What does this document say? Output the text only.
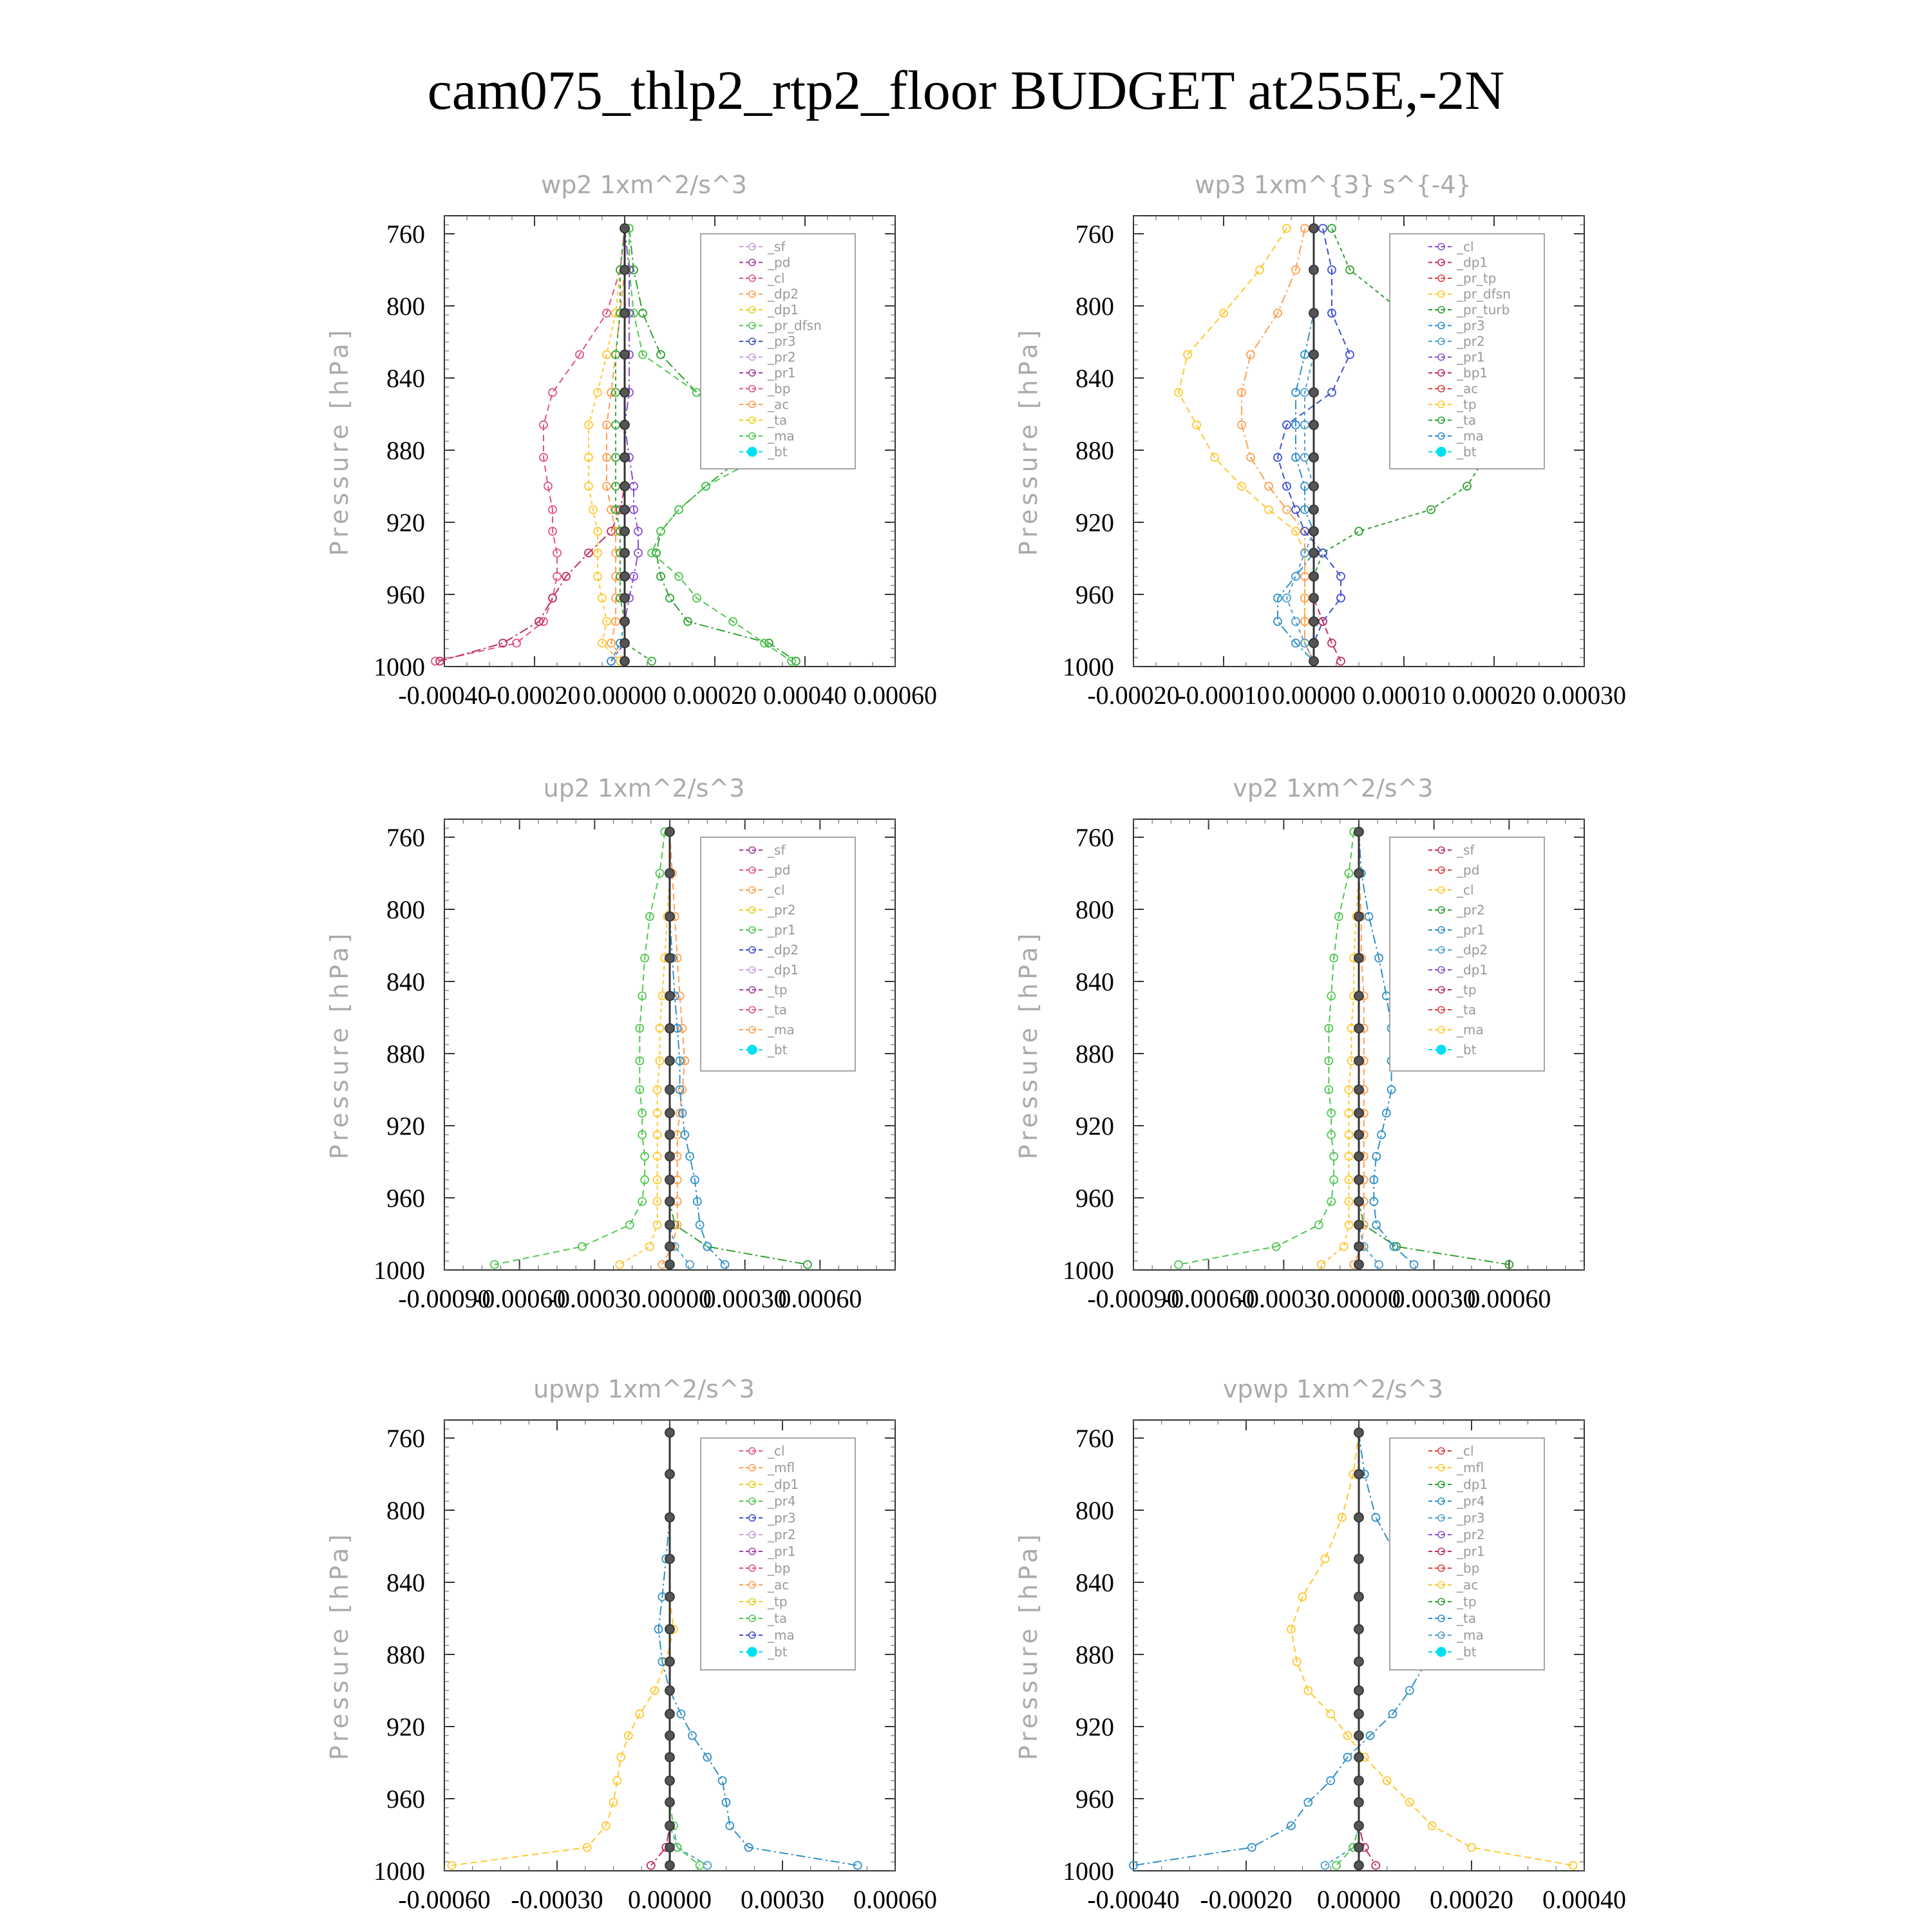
cam075_thlp2_rtp2_floor BUDGET at255E,-2N
wp2 1xm^2/s^3
Pressure [hPa]
760
800
840
880
920
960
1000
-0.00040
-0.00020 0.00000 0.00020 0.00040 0.00060
_sf
_pd
_cl
_dp2
_dp1
_pr_dfsn
_pr3
_pr2
_pr1
_bp
_ac
_ta
_ma
_bt
wp3 1xm^{3} s^{-4}
Pressure [hPa]
760
800
840
880
920
960
1000
-0.00020
-0.00010 0.00000 0.00010 0.00020 0.00030
_cl
_dp1
_pr_tp
_pr_dfsn
_pr_turb
_pr3
_pr2
_pr1
_bp1
_ac
_tp
_ta
_ma
_bt
up2 1xm^2/s^3
Pressure [hPa]
760
800
840
880
920
960
1000
-0.00090
-0.00060
-0.00030
0.00000
0.00030
0.00060
_sf
_pd
_cl
_pr2
_pr1
_dp2
_dp1
_tp
_ta
_ma
_bt
vp2 1xm^2/s^3
Pressure [hPa]
760
800
840
880
920
960
1000
-0.00090
-0.00060
-0.00030
0.00000
0.00030
0.00060
_sf
_pd
_cl
_pr2
_pr1
_dp2
_dp1
_tp
_ta
_ma
_bt
upwp 1xm^2/s^3
Pressure [hPa]
760
800
840
880
920
960
1000
-0.00060 -0.00030 0.00000 0.00030 0.00060
_cl
_mfl
_dp1
_pr4
_pr3
_pr2
_pr1
_bp
_ac
_tp
_ta
_ma
_bt
vpwp 1xm^2/s^3
Pressure [hPa]
760
800
840
880
920
960
1000
-0.00040 -0.00020 0.00000 0.00020 0.00040
_cl
_mfl
_dp1
_pr4
_pr3
_pr2
_pr1
_bp
_ac
_tp
_ta
_ma
_bt
